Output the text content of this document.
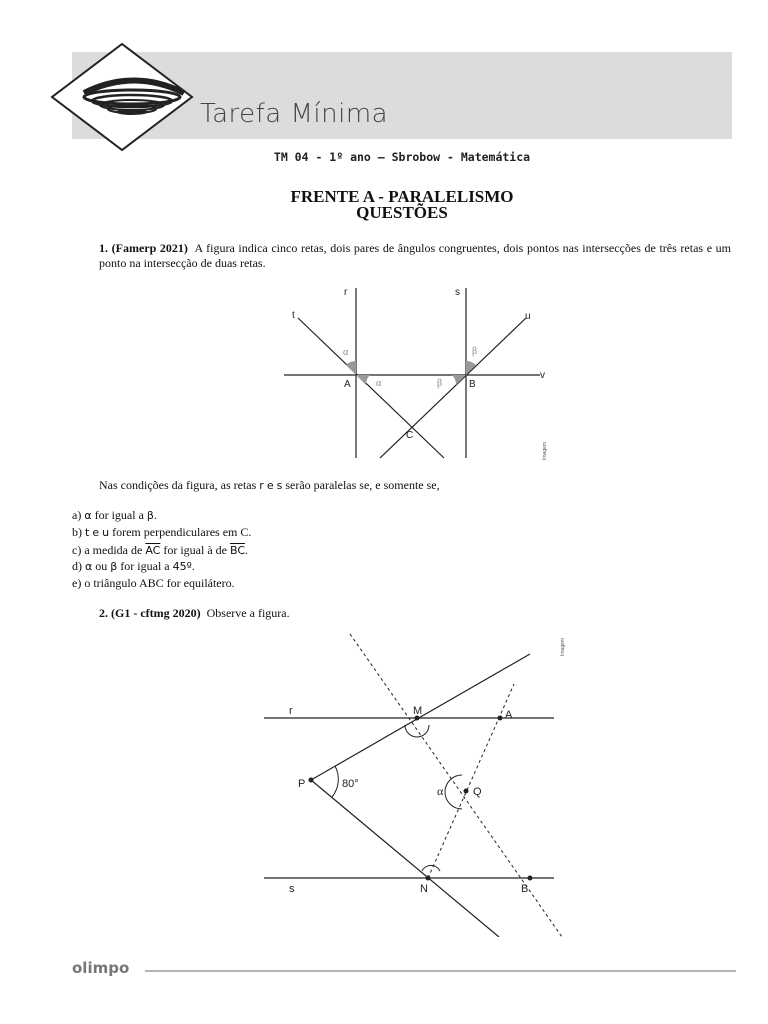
Tarefa Mínima
TM 04 - 1º ano – Sbrobow - Matemática
FRENTE A - PARALELISMO
QUESTÕES
1. (Famerp 2021) A figura indica cinco retas, dois pares de ângulos congruentes, dois pontos nas intersecções de três retas e um ponto na intersecção de duas retas.
r	s
t	u
v
A	B
C
α
α
β
β
Imagem
Nas condições da figura, as retas r e s serão paralelas se, e somente se,
a) α for igual a β.
b) t e u forem perpendiculares em C.
c) a medida de $\overline{AC}$ for igual à de $\overline{BC}$.
d) α ou β for igual a 45º.
e) o triângulo ABC for equilátero.
2. (G1 - cftmg 2020) Observe a figura.
r
s
M	A
P
Q
N	B
80°	α
Imagem
olimpo
